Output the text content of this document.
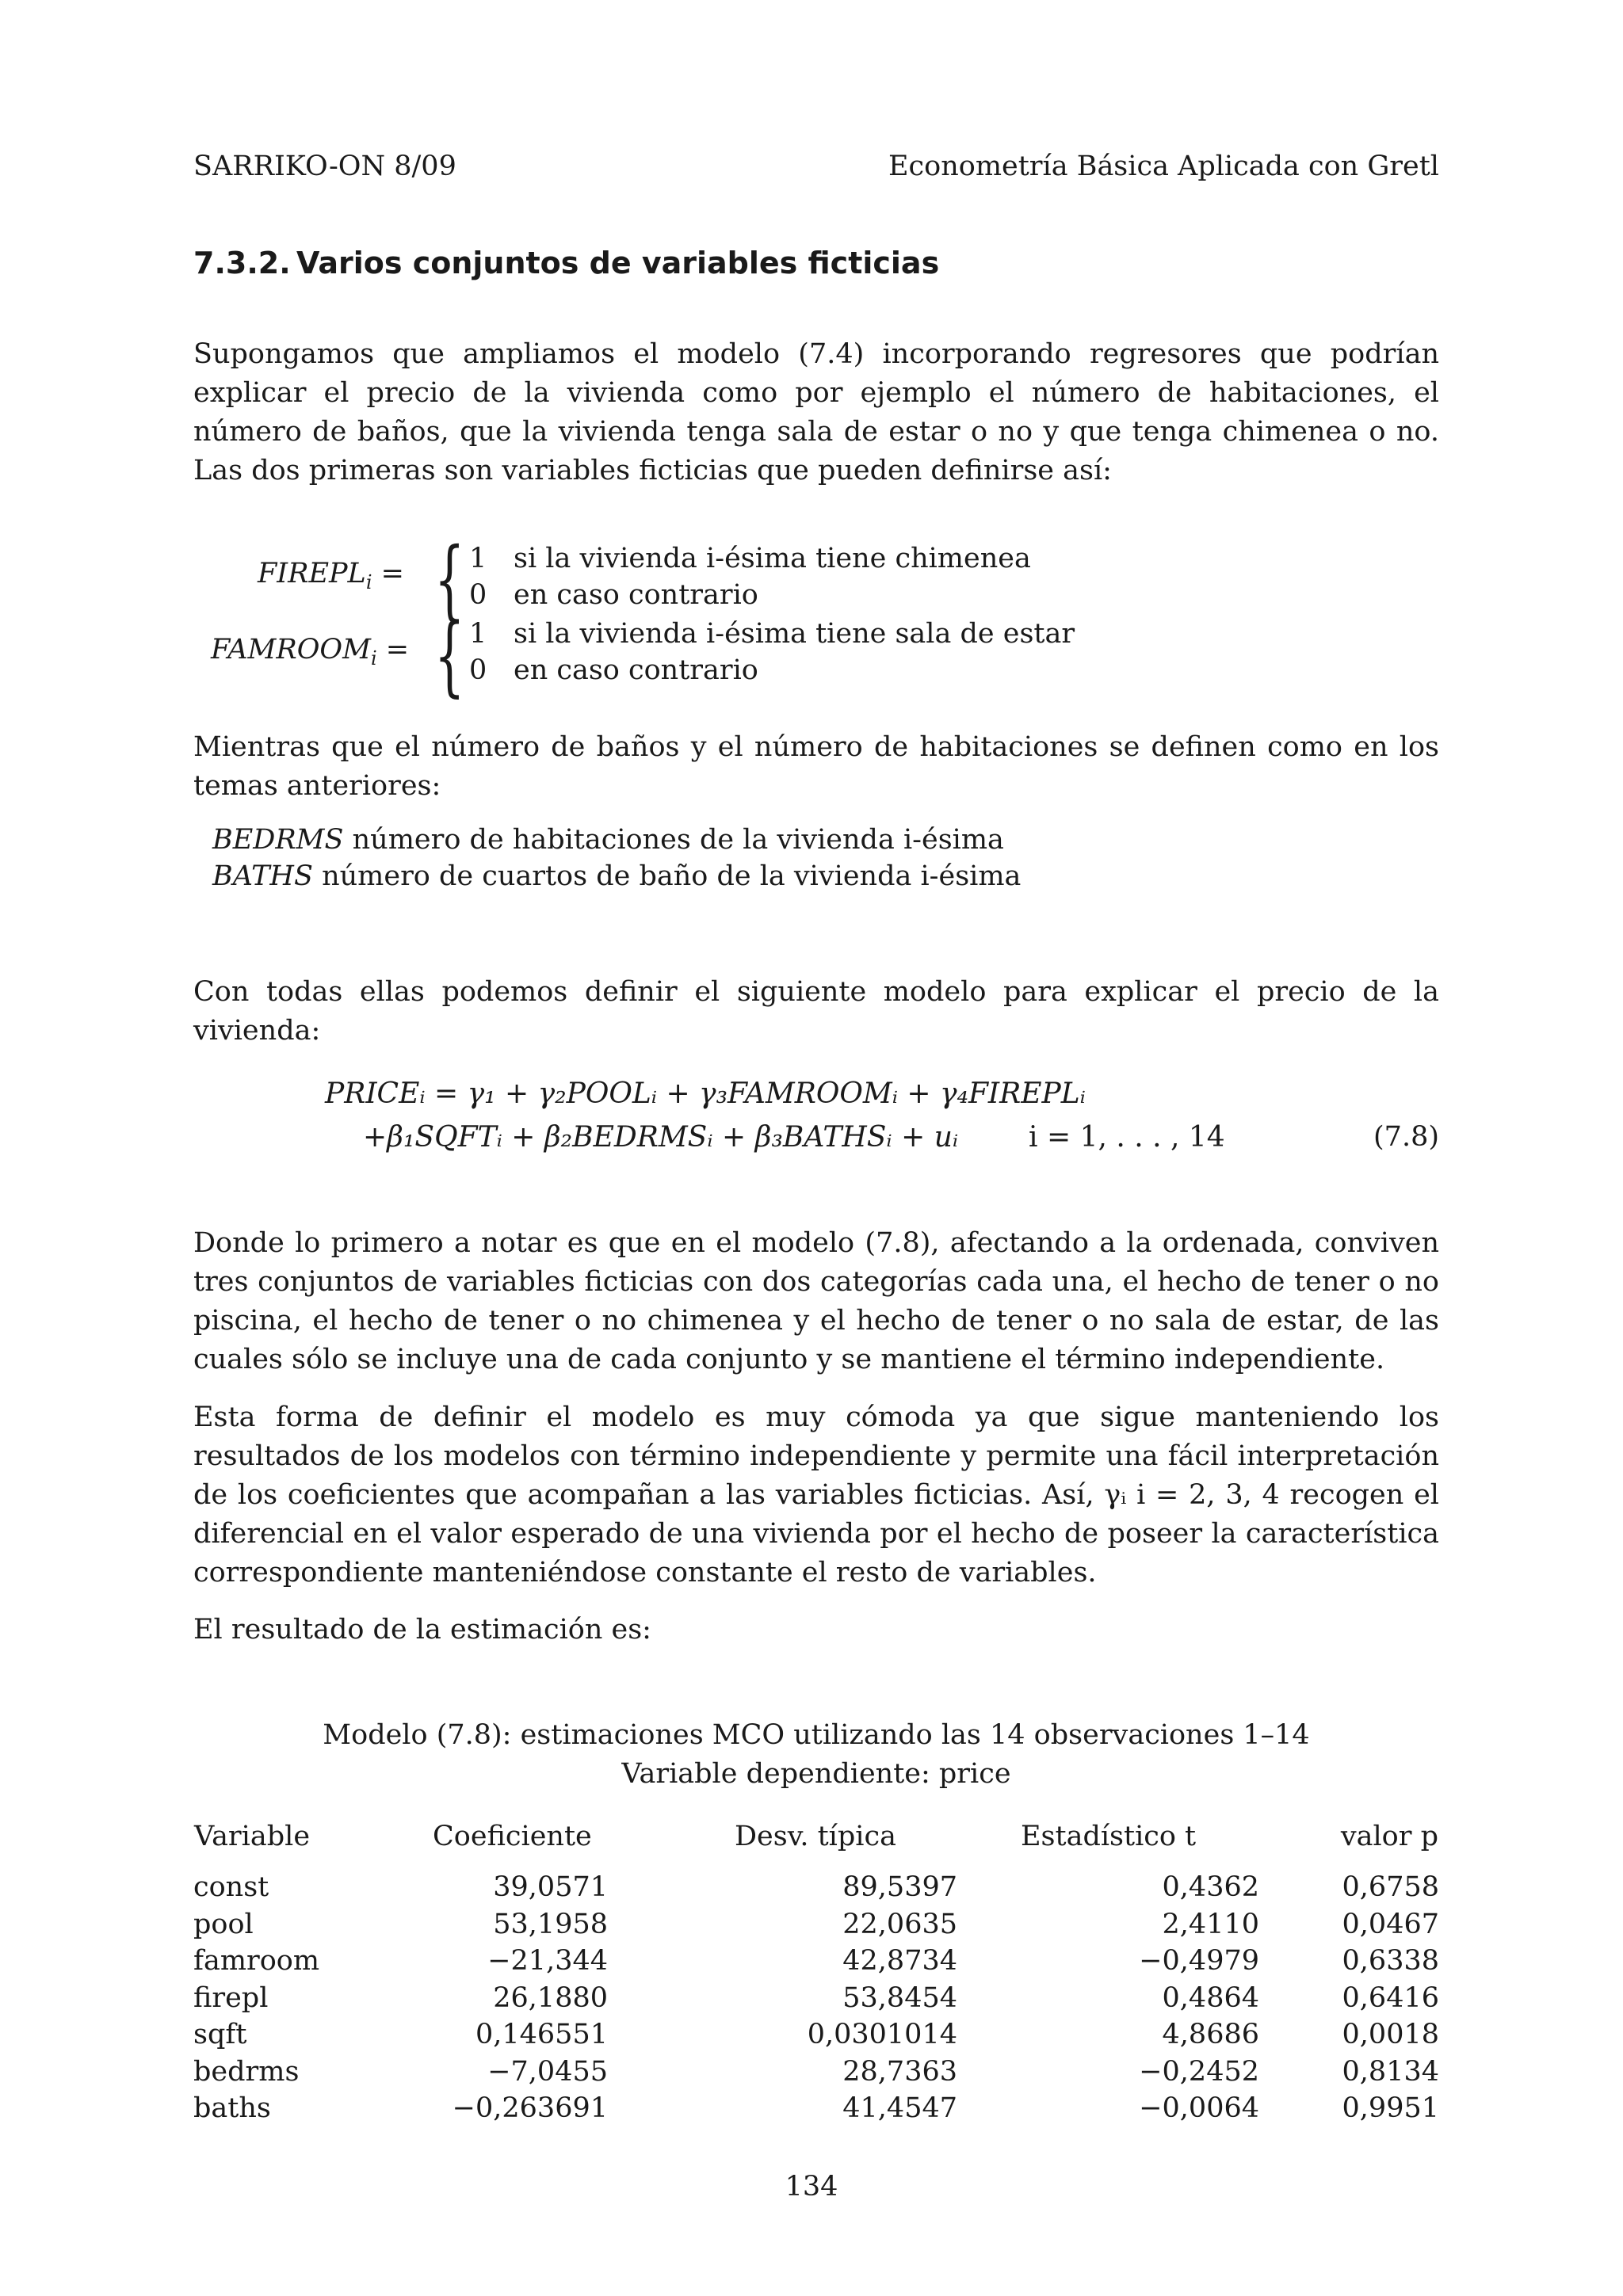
SARRIKO-ON 8/09	Econometría Básica Aplicada con Gretl
7.3.2. Varios conjuntos de variables ficticias
Supongamos que ampliamos el modelo (7.4) incorporando regresores que podrían explicar el precio de la vivienda como por ejemplo el número de habitaciones, el número de baños, que la vivienda tenga sala de estar o no y que tenga chimenea o no. Las dos primeras son variables ficticias que pueden definirse así:
$FIREPL_i$ = { 1 si la vivienda i-ésima tiene chimenea
0 en caso contrario
$FAMROOM_i$ = { 1 si la vivienda i-ésima tiene sala de estar
0 en caso contrario
Mientras que el número de baños y el número de habitaciones se definen como en los temas anteriores:
BEDRMS número de habitaciones de la vivienda i-ésima
BATHS número de cuartos de baño de la vivienda i-ésima
Con todas ellas podemos definir el siguiente modelo para explicar el precio de la vivienda:
PRICEᵢ = γ₁ + γ₂POOLᵢ + γ₃FAMROOMᵢ + γ₄FIREPLᵢ
+β₁SQFTᵢ + β₂BEDRMSᵢ + β₃BATHSᵢ + uᵢ i = 1, . . . , 14	(7.8)
Donde lo primero a notar es que en el modelo (7.8), afectando a la ordenada, conviven tres conjuntos de variables ficticias con dos categorías cada una, el hecho de tener o no piscina, el hecho de tener o no chimenea y el hecho de tener o no sala de estar, de las cuales sólo se incluye una de cada conjunto y se mantiene el término independiente.
Esta forma de definir el modelo es muy cómoda ya que sigue manteniendo los resultados de los modelos con término independiente y permite una fácil interpretación de los coeficientes que acompañan a las variables ficticias. Así, γᵢ i = 2, 3, 4 recogen el diferencial en el valor esperado de una vivienda por el hecho de poseer la característica correspondiente manteniéndose constante el resto de variables.
El resultado de la estimación es:
Modelo (7.8): estimaciones MCO utilizando las 14 observaciones 1–14
Variable dependiente: price
Variable	Coeficiente	Desv. típica	Estadístico t	valor p
const	39,0571	89,5397	0,4362	0,6758
pool	53,1958	22,0635	2,4110	0,0467
famroom	−21,344	42,8734	−0,4979	0,6338
firepl	26,1880	53,8454	0,4864	0,6416
sqft	0,146551	0,0301014	4,8686	0,0018
bedrms	−7,0455	28,7363	−0,2452	0,8134
baths	−0,263691	41,4547	−0,0064	0,9951
134
